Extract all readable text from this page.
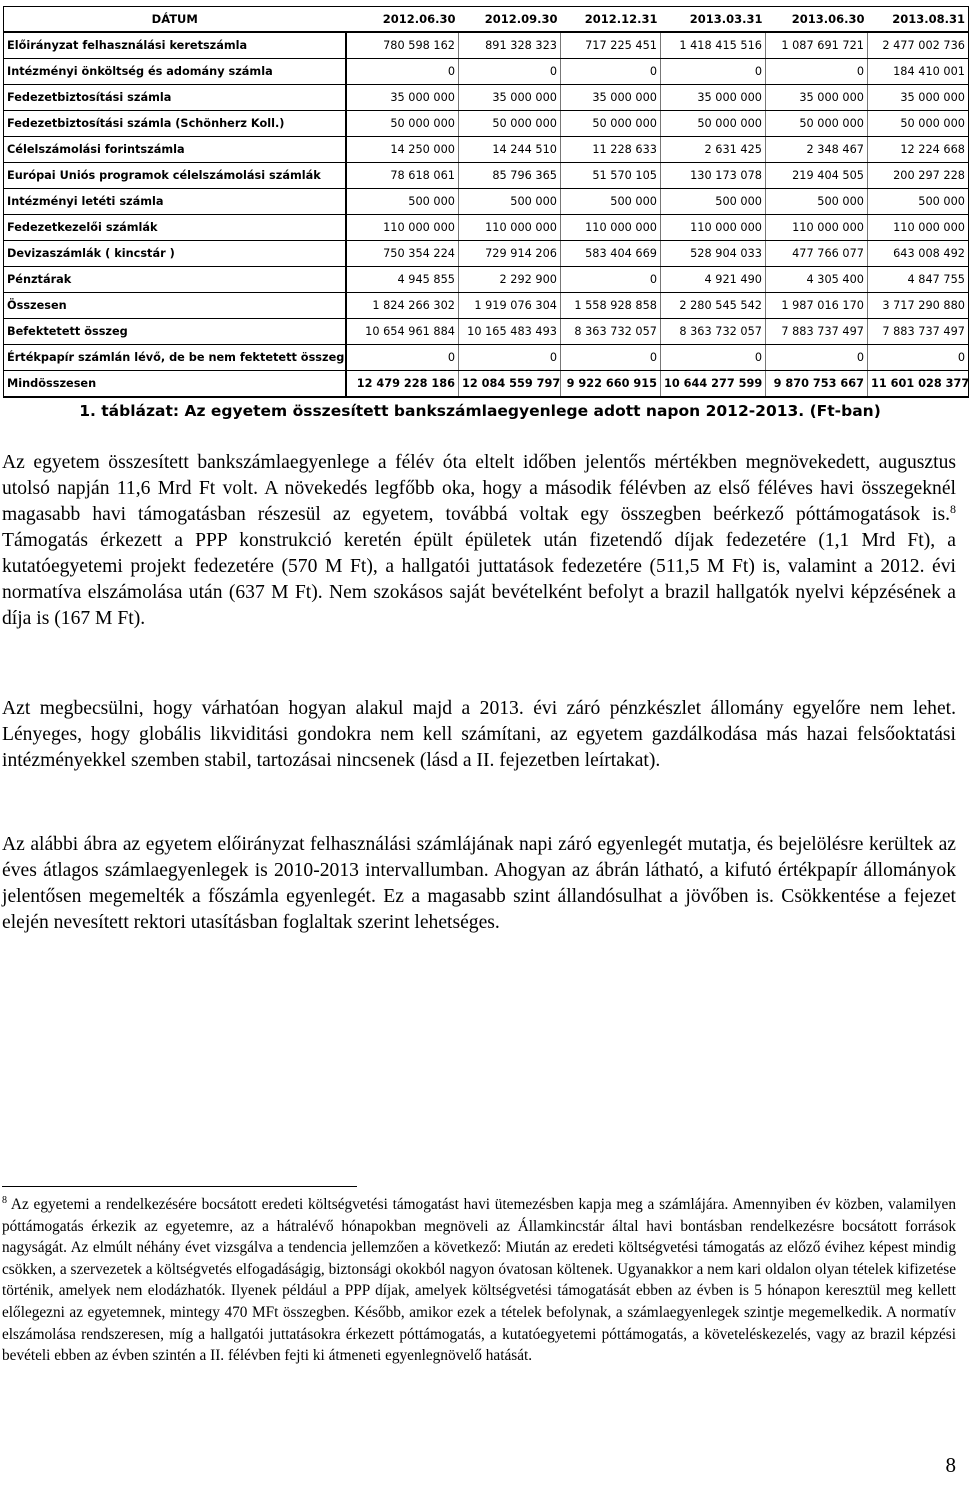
DÁTUM	2012.06.30	2012.09.30	2012.12.31	2013.03.31	2013.06.30	2013.08.31
Előirányzat felhasználási keretszámla	780 598 162	891 328 323	717 225 451	1 418 415 516	1 087 691 721	2 477 002 736
Intézményi önköltség és adomány számla	0	0	0	0	0	184 410 001
Fedezetbiztosítási számla	35 000 000	35 000 000	35 000 000	35 000 000	35 000 000	35 000 000
Fedezetbiztosítási számla (Schönherz Koll.)	50 000 000	50 000 000	50 000 000	50 000 000	50 000 000	50 000 000
Célelszámolási forintszámla	14 250 000	14 244 510	11 228 633	2 631 425	2 348 467	12 224 668
Európai Uniós programok célelszámolási számlák	78 618 061	85 796 365	51 570 105	130 173 078	219 404 505	200 297 228
Intézményi letéti számla	500 000	500 000	500 000	500 000	500 000	500 000
Fedezetkezelői számlák	110 000 000	110 000 000	110 000 000	110 000 000	110 000 000	110 000 000
Devizaszámlák ( kincstár )	750 354 224	729 914 206	583 404 669	528 904 033	477 766 077	643 008 492
Pénztárak	4 945 855	2 292 900	0	4 921 490	4 305 400	4 847 755
Összesen	1 824 266 302	1 919 076 304	1 558 928 858	2 280 545 542	1 987 016 170	3 717 290 880
Befektetett összeg	10 654 961 884	10 165 483 493	8 363 732 057	8 363 732 057	7 883 737 497	7 883 737 497
Értékpapír számlán lévő, de be nem fektetett összeg	0	0	0	0	0	0
Mindösszesen	12 479 228 186	12 084 559 797	9 922 660 915	10 644 277 599	9 870 753 667	11 601 028 377
1. táblázat: Az egyetem összesített bankszámlaegyenlege adott napon 2012-2013. (Ft-ban)

Az egyetem összesített bankszámlaegyenlege a félév óta eltelt időben jelentős mértékben megnövekedett, augusztus utolsó napján 11,6 Mrd Ft volt. A növekedés legfőbb oka, hogy a második félévben az első féléves havi összegeknél magasabb havi támogatásban részesül az egyetem, továbbá voltak egy összegben beérkező póttámogatások is.$^8$ Támogatás érkezett a PPP konstrukció keretén épült épületek után fizetendő díjak fedezetére (1,1 Mrd Ft), a kutatóegyetemi projekt fedezetére (570 M Ft), a hallgatói juttatások fedezetére (511,5 M Ft) is, valamint a 2012. évi normatíva elszámolása után (637 M Ft). Nem szokásos saját bevételként befolyt a brazil hallgatók nyelvi képzésének a díja is (167 M Ft).

Azt megbecsülni, hogy várhatóan hogyan alakul majd a 2013. évi záró pénzkészlet állomány egyelőre nem lehet. Lényeges, hogy globális likviditási gondokra nem kell számítani, az egyetem gazdálkodása más hazai felsőoktatási intézményekkel szemben stabil, tartozásai nincsenek (lásd a II. fejezetben leírtakat).

Az alábbi ábra az egyetem előirányzat felhasználási számlájának napi záró egyenlegét mutatja, és bejelölésre kerültek az éves átlagos számlaegyenlegek is 2010-2013 intervallumban. Ahogyan az ábrán látható, a kifutó értékpapír állományok jelentősen megemelték a főszámla egyenlegét. Ez a magasabb szint állandósulhat a jövőben is. Csökkentése a fejezet elején nevesített rektori utasításban foglaltak szerint lehetséges.

$^8$ Az egyetemi a rendelkezésére bocsátott eredeti költségvetési támogatást havi ütemezésben kapja meg a számlájára. Amennyiben év közben, valamilyen póttámogatás érkezik az egyetemre, az a hátralévő hónapokban megnöveli az Államkincstár által havi bontásban rendelkezésre bocsátott források nagyságát. Az elmúlt néhány évet vizsgálva a tendencia jellemzően a következő: Miután az eredeti költségvetési támogatás az előző évihez képest mindig csökken, a szervezetek a költségvetés elfogadáságig, biztonsági okokból nagyon óvatosan költenek. Ugyanakkor a nem kari oldalon olyan tételek kifizetése történik, amelyek nem elodázhatók. Ilyenek például a PPP díjak, amelyek költségvetési támogatását ebben az évben is 5 hónapon keresztül meg kellett előlegezni az egyetemnek, mintegy 470 MFt összegben. Később, amikor ezek a tételek befolynak, a számlaegyenlegek szintje megemelkedik. A normatív elszámolása rendszeresen, míg a hallgatói juttatásokra érkezett póttámogatás, a kutatóegyetemi póttámogatás, a követeléskezelés, vagy az brazil képzési bevételi ebben az évben szintén a II. félévben fejti ki átmeneti egyenlegnövelő hatását.

8
